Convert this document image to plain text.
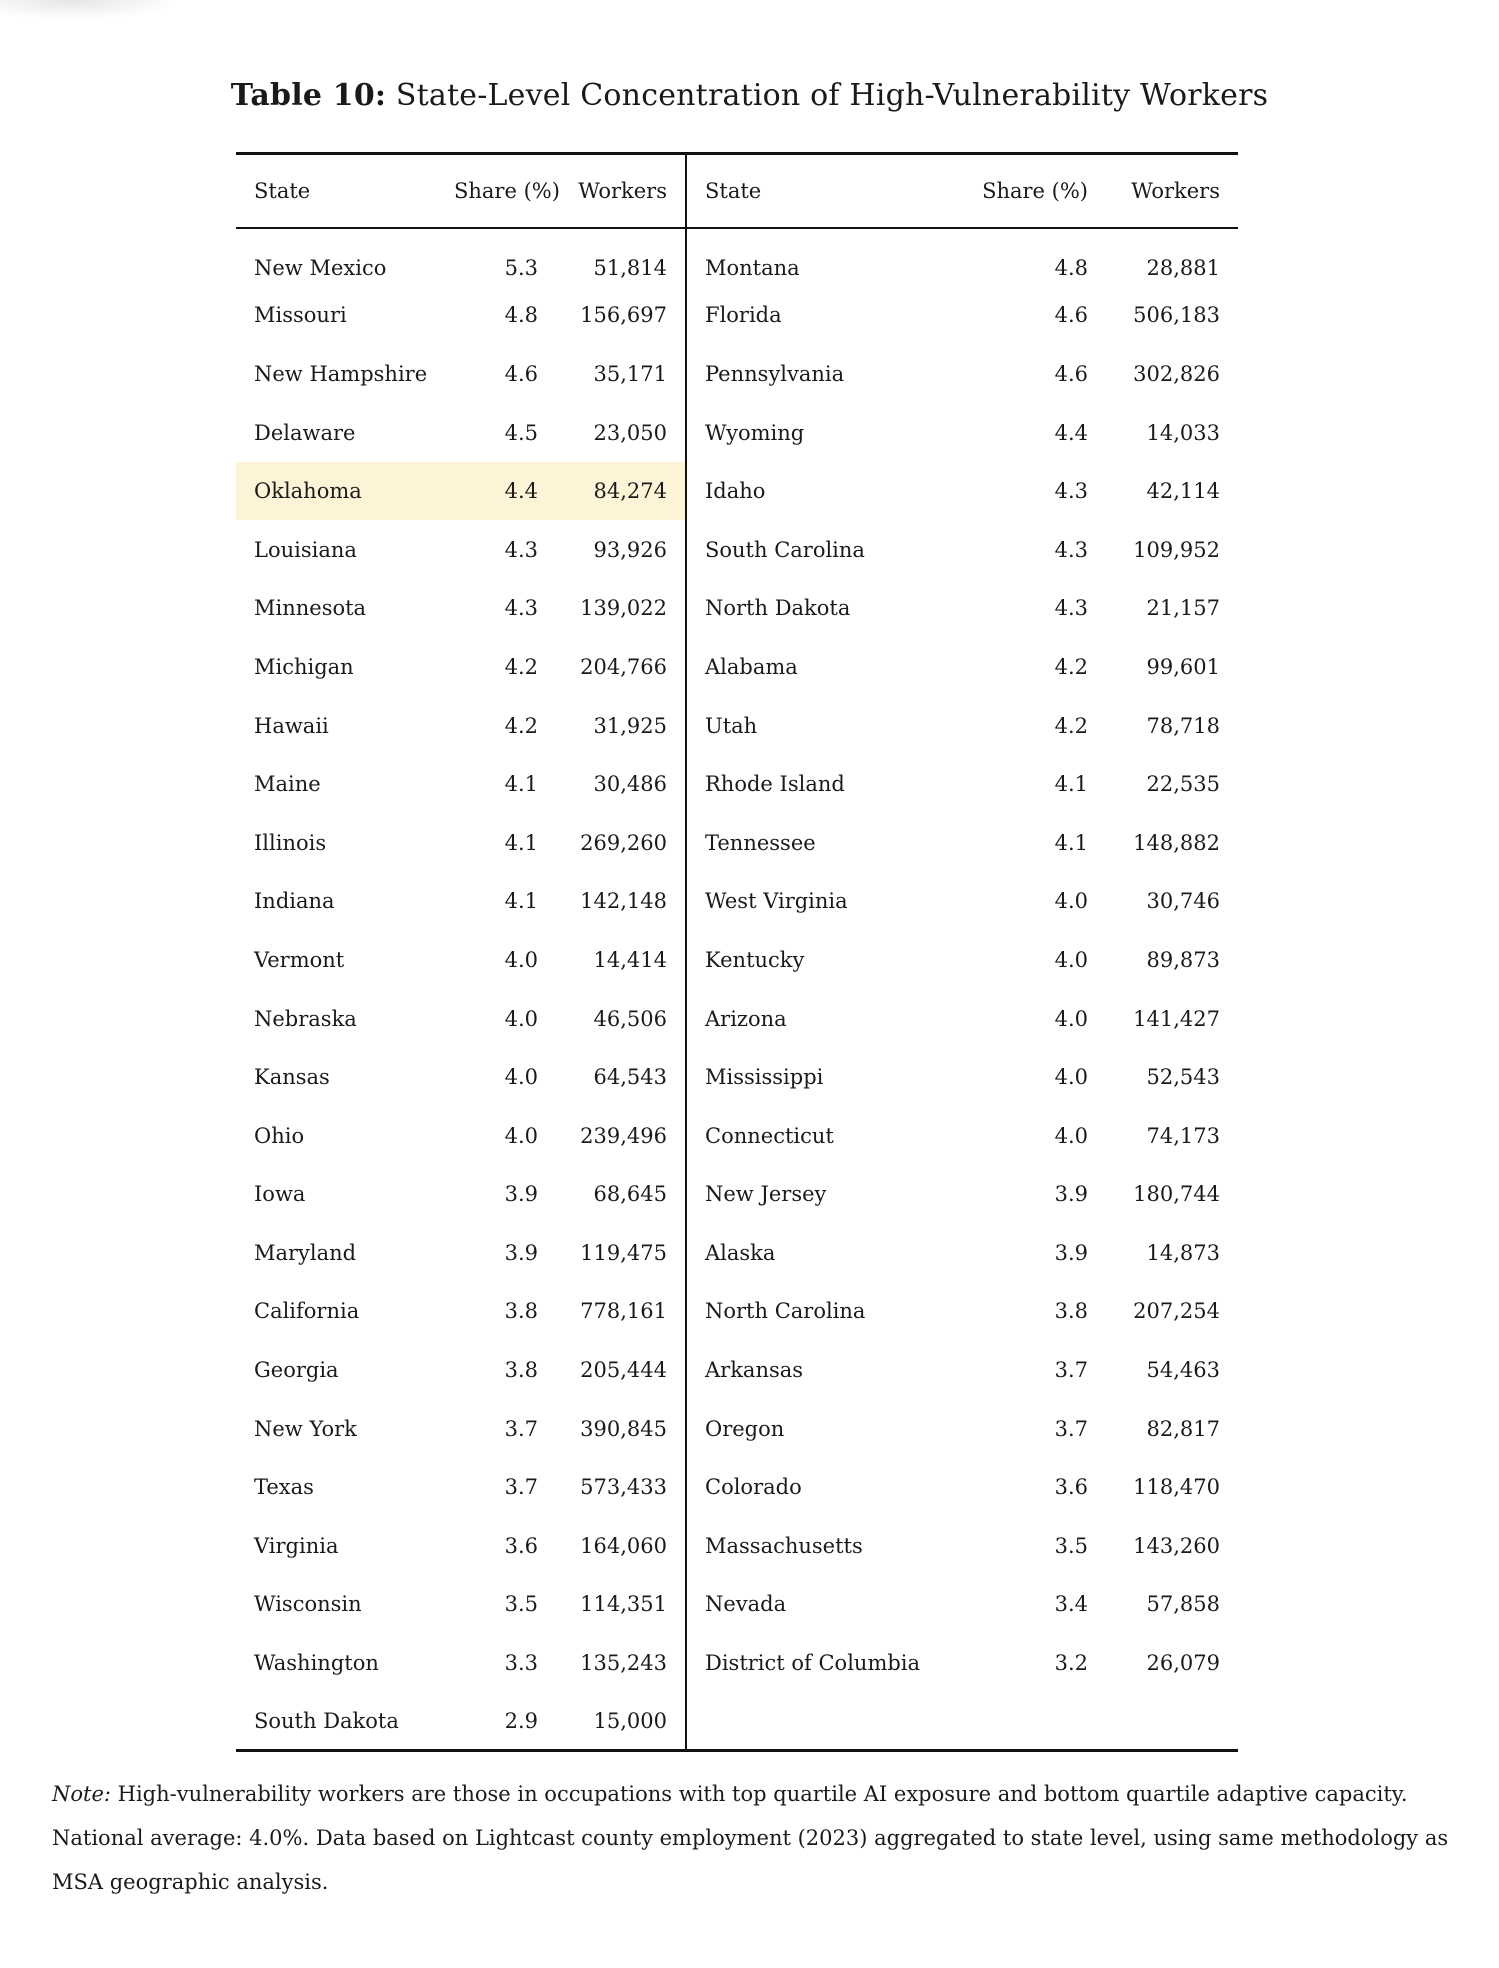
Table 10: State-Level Concentration of High-Vulnerability Workers
State	Share (%)	Workers	State	Share (%)	Workers
New Mexico	5.3	51,814	Montana	4.8	28,881
Missouri	4.8	156,697	Florida	4.6	506,183
New Hampshire	4.6	35,171	Pennsylvania	4.6	302,826
Delaware	4.5	23,050	Wyoming	4.4	14,033
Oklahoma	4.4	84,274	Idaho	4.3	42,114
Louisiana	4.3	93,926	South Carolina	4.3	109,952
Minnesota	4.3	139,022	North Dakota	4.3	21,157
Michigan	4.2	204,766	Alabama	4.2	99,601
Hawaii	4.2	31,925	Utah	4.2	78,718
Maine	4.1	30,486	Rhode Island	4.1	22,535
Illinois	4.1	269,260	Tennessee	4.1	148,882
Indiana	4.1	142,148	West Virginia	4.0	30,746
Vermont	4.0	14,414	Kentucky	4.0	89,873
Nebraska	4.0	46,506	Arizona	4.0	141,427
Kansas	4.0	64,543	Mississippi	4.0	52,543
Ohio	4.0	239,496	Connecticut	4.0	74,173
Iowa	3.9	68,645	New Jersey	3.9	180,744
Maryland	3.9	119,475	Alaska	3.9	14,873
California	3.8	778,161	North Carolina	3.8	207,254
Georgia	3.8	205,444	Arkansas	3.7	54,463
New York	3.7	390,845	Oregon	3.7	82,817
Texas	3.7	573,433	Colorado	3.6	118,470
Virginia	3.6	164,060	Massachusetts	3.5	143,260
Wisconsin	3.5	114,351	Nevada	3.4	57,858
Washington	3.3	135,243	District of Columbia	3.2	26,079
South Dakota	2.9	15,000			
Note: High-vulnerability workers are those in occupations with top quartile AI exposure and bottom quartile adaptive capacity. National average: 4.0%. Data based on Lightcast county employment (2023) aggregated to state level, using same methodology as MSA geographic analysis.
